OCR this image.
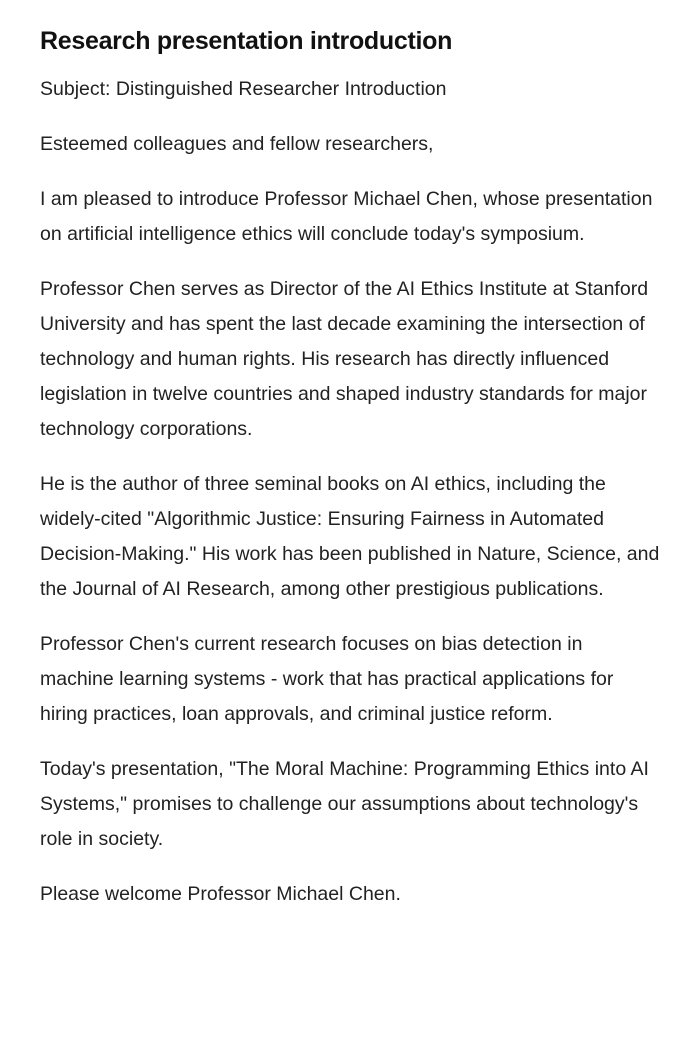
Research presentation introduction

Subject: Distinguished Researcher Introduction

Esteemed colleagues and fellow researchers,

I am pleased to introduce Professor Michael Chen, whose presentation on artificial intelligence ethics will conclude today's symposium.

Professor Chen serves as Director of the AI Ethics Institute at Stanford University and has spent the last decade examining the intersection of technology and human rights. His research has directly influenced legislation in twelve countries and shaped industry standards for major technology corporations.

He is the author of three seminal books on AI ethics, including the widely-cited "Algorithmic Justice: Ensuring Fairness in Automated Decision-Making." His work has been published in Nature, Science, and the Journal of AI Research, among other prestigious publications.

Professor Chen's current research focuses on bias detection in machine learning systems - work that has practical applications for hiring practices, loan approvals, and criminal justice reform.

Today's presentation, "The Moral Machine: Programming Ethics into AI Systems," promises to challenge our assumptions about technology's role in society.

Please welcome Professor Michael Chen.
